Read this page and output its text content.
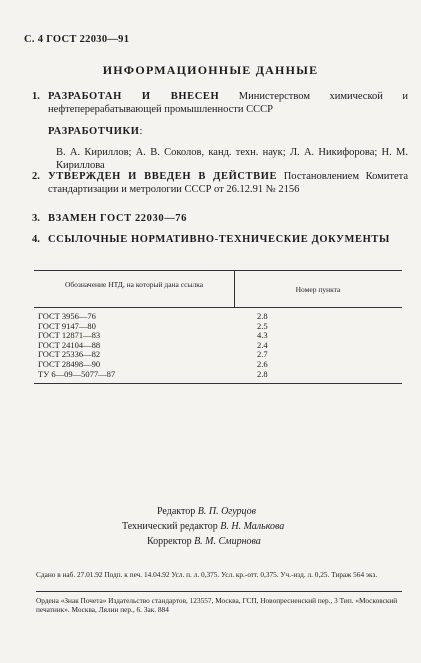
С. 4 ГОСТ 22030—91
ИНФОРМАЦИОННЫЕ ДАННЫЕ
1. РАЗРАБОТАН И ВНЕСЕН Министерством химической и нефтеперерабатывающей промышленности СССР
РАЗРАБОТЧИКИ:
В. А. Кириллов; А. В. Соколов, канд. техн. наук; Л. А. Никифорова; Н. М. Кириллова
2. УТВЕРЖДЕН И ВВЕДЕН В ДЕЙСТВИЕ Постановлением Комитета стандартизации и метрологии СССР от 26.12.91 № 2156
3. ВЗАМЕН ГОСТ 22030—76
4. ССЫЛОЧНЫЕ НОРМАТИВНО-ТЕХНИЧЕСКИЕ ДОКУМЕНТЫ
Обозначение НТД, на который дана ссылка
Номер пункта
ГОСТ 3956—76
ГОСТ 9147—80
ГОСТ 12871—83
ГОСТ 24104—88
ГОСТ 25336—82
ГОСТ 28498—90
ТУ 6—09—5077—87
2.8
2.5
4.3
2.4
2.7
2.6
2.8
Редактор В. П. Огурцов
Технический редактор В. Н. Малькова
Корректор В. М. Смирнова
Сдано в наб. 27.01.92 Подп. к печ. 14.04.92 Усл. п. л. 0,375. Усл. кр.-отт. 0,375. Уч.-изд. л. 0,25. Тираж 564 экз.
Ордена «Знак Почета» Издательство стандартов, 123557, Москва, ГСП, Новопресненский пер., 3 Тип. «Московский печатник». Москва, Лялин пер., 6. Зак. 884
